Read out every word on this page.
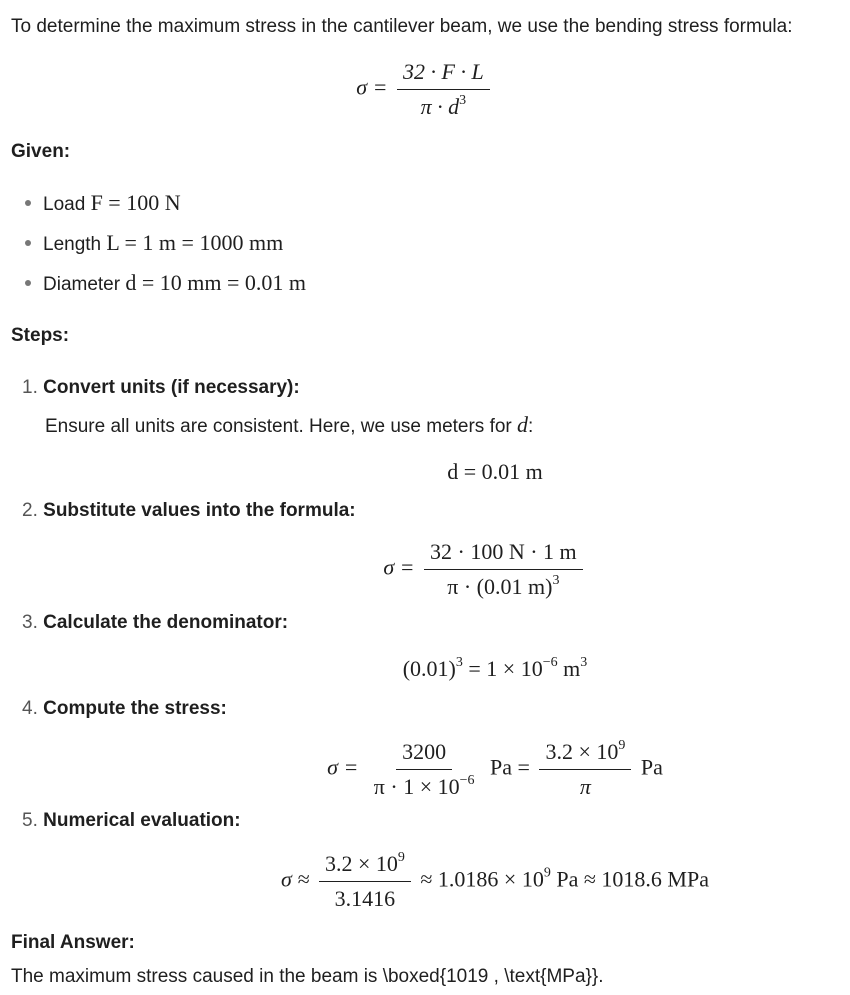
To determine the maximum stress in the cantilever beam, we use the bending stress formula:
$\sigma = \frac{32 \cdot F \cdot L}{\pi \cdot d^3}$
Given:
Load F = 100 N
Length L = 1 m = 1000 mm
Diameter d = 10 mm = 0.01 m
Steps:
1. Convert units (if necessary):
Ensure all units are consistent. Here, we use meters for d:
d = 0.01 m
2. Substitute values into the formula:
$\sigma = \frac{32 \cdot 100 N \cdot 1 m}{\pi \cdot (0.01 m)^3}$
3. Calculate the denominator:
$(0.01)^3 = 1 \times 10^{-6}$ $m^3$
4. Compute the stress:
$\sigma = \frac{3200}{\pi \cdot 1 \times 10^{-6}}$ $Pa = \frac{3.2 \times 10^9}{\pi}$ Pa
5. Numerical evaluation:
$\sigma \approx \frac{3.2 \times 10^9}{3.1416} \approx 1.0186 \times 10^9$ Pa ≈ 1018.6 MPa
Final Answer:
The maximum stress caused in the beam is \boxed{1019 , \text{MPa}}.
